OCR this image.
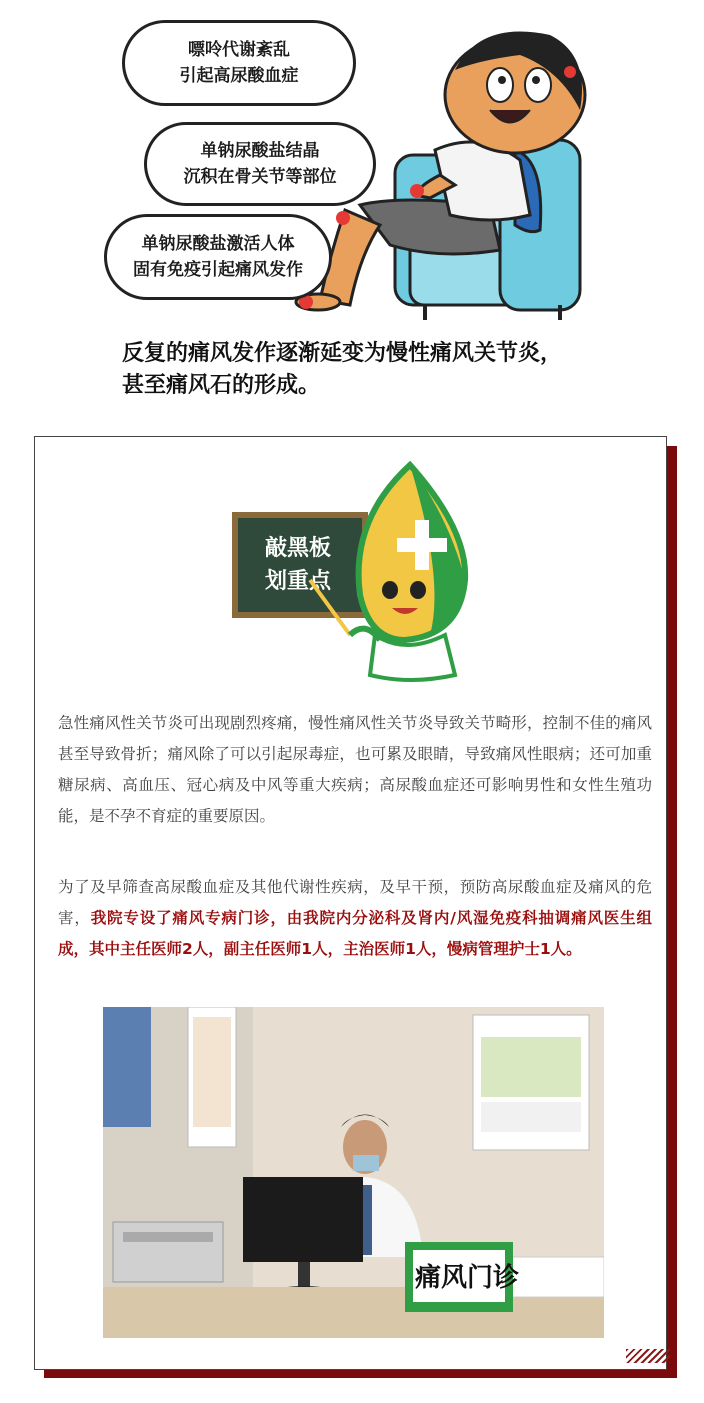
嘌呤代谢紊乱
引起高尿酸血症
单钠尿酸盐结晶
沉积在骨关节等部位
单钠尿酸盐激活人体
固有免疫引起痛风发作
反复的痛风发作逐渐延变为慢性痛风关节炎，
甚至痛风石的形成。
敲黑板
划重点
急性痛风性关节炎可出现剧烈疼痛，慢性痛风性关节炎导致关节畸形，控制不佳的痛风甚至导致骨折；痛风除了可以引起尿毒症，也可累及眼睛，导致痛风性眼病；还可加重糖尿病、高血压、冠心病及中风等重大疾病；高尿酸血症还可影响男性和女性生殖功能，是不孕不育症的重要原因。
为了及早筛查高尿酸血症及其他代谢性疾病，及早干预，预防高尿酸血症及痛风的危害，我院专设了痛风专病门诊，由我院内分泌科及肾内/风湿免疫科抽调痛风医生组成，其中主任医师2人，副主任医师1人，主治医师1人，慢病管理护士1人。
痛风门诊
